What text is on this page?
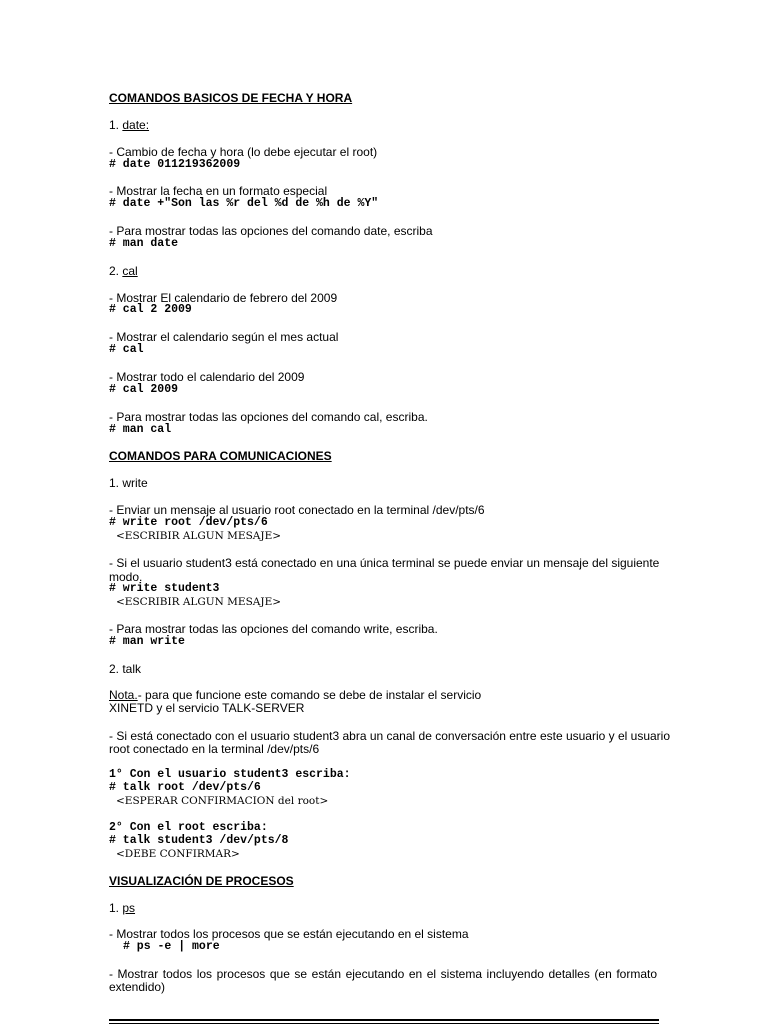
COMANDOS BASICOS DE FECHA Y HORA
1. date:
- Cambio de fecha y hora (lo debe ejecutar el root)
# date 011219362009
- Mostrar la fecha en un formato especial
# date +"Son las %r del %d de %h de %Y"
- Para mostrar todas las opciones del comando date, escriba
# man date
2. cal
- Mostrar El calendario de febrero del 2009
# cal 2 2009
- Mostrar el calendario según el mes actual
# cal
- Mostrar todo el calendario del 2009
# cal 2009
- Para mostrar todas las opciones del comando cal, escriba.
# man cal
COMANDOS PARA COMUNICACIONES
1. write
- Enviar un mensaje al usuario root conectado en la terminal /dev/pts/6
# write root /dev/pts/6
<ESCRIBIR ALGUN MESAJE>
- Si el usuario student3 está conectado en una única terminal se puede enviar un mensaje del siguiente
modo.
# write student3
<ESCRIBIR ALGUN MESAJE>
- Para mostrar todas las opciones del comando write, escriba.
# man write
2. talk
Nota.- para que funcione este comando se debe de instalar el servicio
XINETD y el servicio TALK-SERVER
- Si está conectado con el usuario student3 abra un canal de conversación entre este usuario y el usuario
root conectado en la terminal /dev/pts/6
1° Con el usuario student3 escriba:
# talk root /dev/pts/6
<ESPERAR CONFIRMACION del root>
2° Con el root escriba:
# talk student3 /dev/pts/8
<DEBE CONFIRMAR>
VISUALIZACIÓN DE PROCESOS
1. ps
- Mostrar todos los procesos que se están ejecutando en el sistema
# ps -e | more
- Mostrar todos los procesos que se están ejecutando en el sistema incluyendo detalles (en formato
extendido)
